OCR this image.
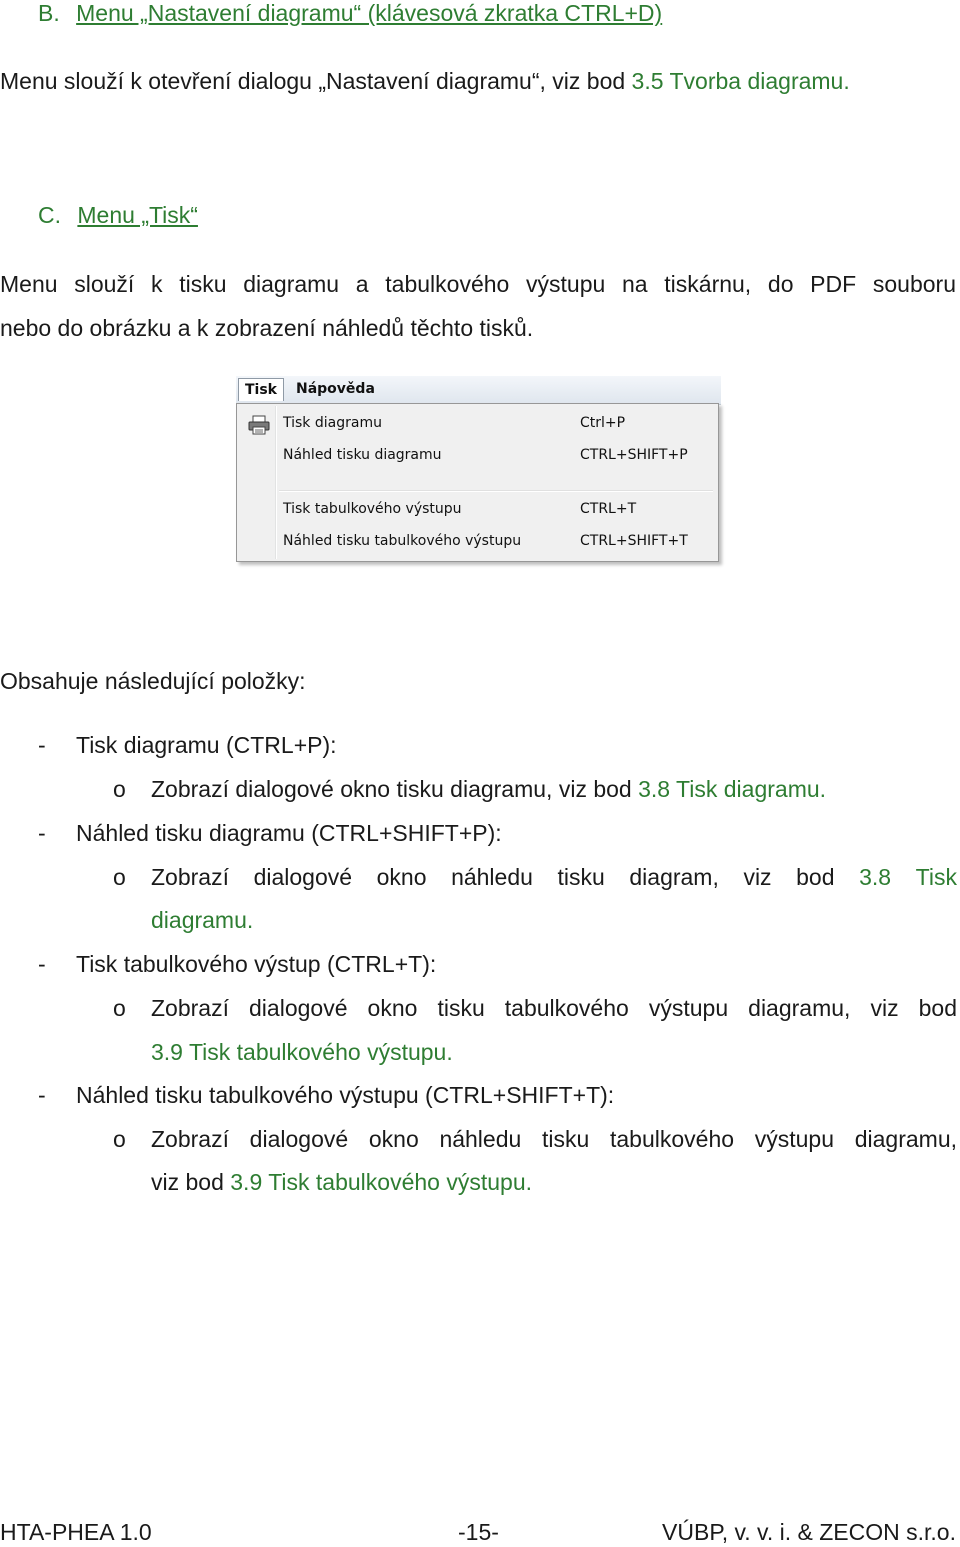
B. Menu „Nastavení diagramu“ (klávesová zkratka CTRL+D)
Menu slouží k otevření dialogu „Nastavení diagramu“, viz bod 3.5 Tvorba diagramu.
C. Menu „Tisk“
Menu slouží k tisku diagramu a tabulkového výstupu na tiskárnu, do PDF souboru
nebo do obrázku a k zobrazení náhledů těchto tisků.
Tisk	Nápověda
Tisk diagramu	Ctrl+P
Náhled tisku diagramu	CTRL+SHIFT+P
Tisk tabulkového výstupu	CTRL+T
Náhled tisku tabulkového výstupu	CTRL+SHIFT+T
Obsahuje následující položky:
- Tisk diagramu (CTRL+P):
o Zobrazí dialogové okno tisku diagramu, viz bod 3.8 Tisk diagramu.
- Náhled tisku diagramu (CTRL+SHIFT+P):
o Zobrazí dialogové okno náhledu tisku diagram, viz bod 3.8 Tisk
diagramu.
- Tisk tabulkového výstup (CTRL+T):
o Zobrazí dialogové okno tisku tabulkového výstupu diagramu, viz bod
3.9 Tisk tabulkového výstupu.
- Náhled tisku tabulkového výstupu (CTRL+SHIFT+T):
o Zobrazí dialogové okno náhledu tisku tabulkového výstupu diagramu,
viz bod 3.9 Tisk tabulkového výstupu.
HTA-PHEA 1.0	-15-	VÚBP, v. v. i. & ZECON s.r.o.
